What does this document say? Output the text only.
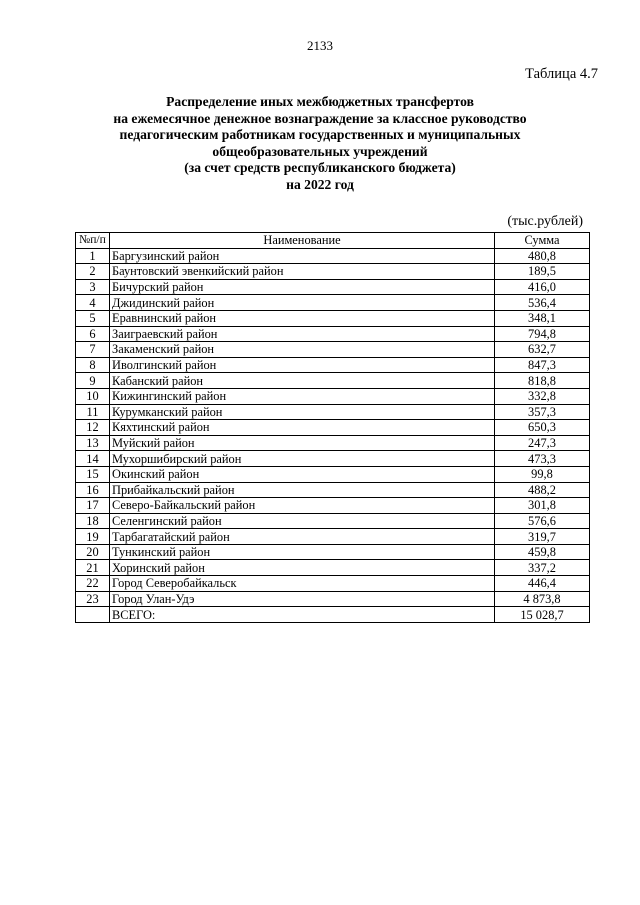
2133
Таблица 4.7
Распределение иных межбюджетных трансфертов
на ежемесячное денежное вознаграждение за классное руководство
педагогическим работникам государственных и муниципальных
общеобразовательных учреждений
(за счет средств республиканского бюджета)
на 2022 год
(тыс.рублей)
№п/п	Наименование	Сумма
1	Баргузинский район	480,8
2	Баунтовский эвенкийский район	189,5
3	Бичурский район	416,0
4	Джидинский район	536,4
5	Еравнинский район	348,1
6	Заиграевский район	794,8
7	Закаменский район	632,7
8	Иволгинский район	847,3
9	Кабанский район	818,8
10	Кижингинский район	332,8
11	Курумканский район	357,3
12	Кяхтинский район	650,3
13	Муйский район	247,3
14	Мухоршибирский район	473,3
15	Окинский район	99,8
16	Прибайкальский район	488,2
17	Северо-Байкальский район	301,8
18	Селенгинский район	576,6
19	Тарбагатайский район	319,7
20	Тункинский район	459,8
21	Хоринский район	337,2
22	Город Северобайкальск	446,4
23	Город Улан-Удэ	4 873,8
	ВСЕГО:	15 028,7
